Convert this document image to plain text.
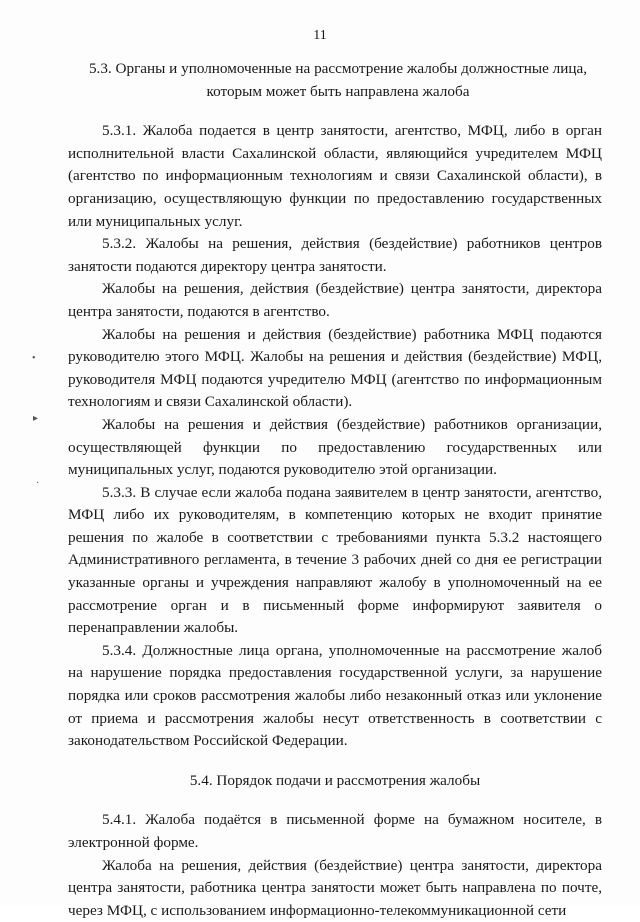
11
•
▸
·

5.3. Органы и уполномоченные на рассмотрение жалобы должностные лица, которым может быть направлена жалоба

5.3.1. Жалоба подается в центр занятости, агентство, МФЦ, либо в орган исполнительной власти Сахалинской области, являющийся учредителем МФЦ (агентство по информационным технологиям и связи Сахалинской области), в организацию, осуществляющую функции по предоставлению государственных или муниципальных услуг.

5.3.2. Жалобы на решения, действия (бездействие) работников центров занятости подаются директору центра занятости.

Жалобы на решения, действия (бездействие) центра занятости, директора центра занятости, подаются в агентство.

Жалобы на решения и действия (бездействие) работника МФЦ подаются руководителю этого МФЦ. Жалобы на решения и действия (бездействие) МФЦ, руководителя МФЦ подаются учредителю МФЦ (агентство по информационным технологиям и связи Сахалинской области).

Жалобы на решения и действия (бездействие) работников организации, осуществляющей функции по предоставлению государственных или муниципальных услуг, подаются руководителю этой организации.

5.3.3. В случае если жалоба подана заявителем в центр занятости, агентство, МФЦ либо их руководителям, в компетенцию которых не входит принятие решения по жалобе в соответствии с требованиями пункта 5.3.2 настоящего Административного регламента, в течение 3 рабочих дней со дня ее регистрации указанные органы и учреждения направляют жалобу в уполномоченный на ее рассмотрение орган и в письменный форме информируют заявителя о перенаправлении жалобы.

5.3.4. Должностные лица органа, уполномоченные на рассмотрение жалоб на нарушение порядка предоставления государственной услуги, за нарушение порядка или сроков рассмотрения жалобы либо незаконный отказ или уклонение от приема и рассмотрения жалобы несут ответственность в соответствии с законодательством Российской Федерации.

5.4. Порядок подачи и рассмотрения жалобы

5.4.1. Жалоба подаётся в письменной форме на бумажном носителе, в электронной форме.

Жалоба на решения, действия (бездействие) центра занятости, директора центра занятости, работника центра занятости может быть направлена по почте, через МФЦ, с использованием информационно-телекоммуникационной сети
